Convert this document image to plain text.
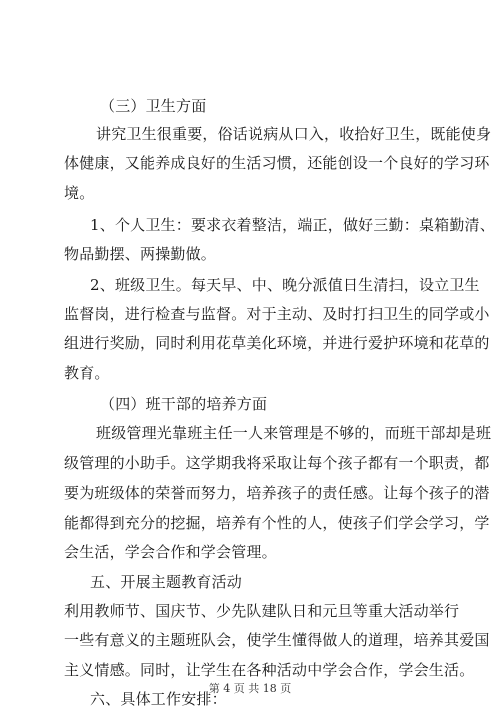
（三）卫生方面
讲究卫生很重要，俗话说病从口入，收拾好卫生，既能使身
体健康，又能养成良好的生活习惯，还能创设一个良好的学习环
境。
1、个人卫生：要求衣着整洁，端正，做好三勤：桌箱勤清、
物品勤摆、两操勤做。
2、班级卫生。每天早、中、晚分派值日生清扫，设立卫生
监督岗，进行检查与监督。对于主动、及时打扫卫生的同学或小
组进行奖励，同时利用花草美化环境，并进行爱护环境和花草的
教育。
（四）班干部的培养方面
班级管理光靠班主任一人来管理是不够的，而班干部却是班
级管理的小助手。这学期我将采取让每个孩子都有一个职责，都
要为班级体的荣誉而努力，培养孩子的责任感。让每个孩子的潜
能都得到充分的挖掘，培养有个性的人，使孩子们学会学习，学
会生活，学会合作和学会管理。
五、开展主题教育活动
利用教师节、国庆节、少先队建队日和元旦等重大活动举行
一些有意义的主题班队会，使学生懂得做人的道理，培养其爱国
主义情感。同时，让学生在各种活动中学会合作，学会生活。
六、具体工作安排：
第 4 页 共 18 页
